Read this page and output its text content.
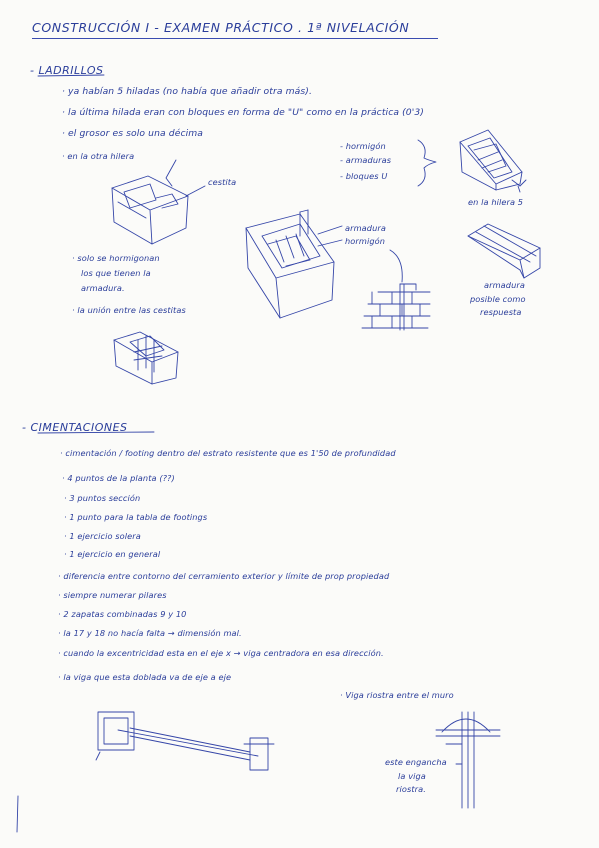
CONSTRUCCIÓN I - EXAMEN PRÁCTICO . 1ª NIVELACIÓN
- LADRILLOS
· ya habían 5 hiladas (no había que añadir otra más).
· la última hilada eran con bloques en forma de "U" como en la práctica (0'3)
· el grosor es solo una décima
· en la otra hilera
cestita
- hormigón
- armaduras
- bloques U
en la hilera 5
armadura
hormigón
· solo se hormigonan
los que tienen la
armadura.
· la unión entre las cestitas
armadura
posible como
respuesta
- CIMENTACIONES
· cimentación / footing dentro del estrato resistente que es 1'50 de profundidad
· 4 puntos de la planta (??)
· 3 puntos sección
· 1 punto para la tabla de footings
· 1 ejercicio solera
· 1 ejercicio en general
· diferencia entre contorno del cerramiento exterior y límite de prop propiedad
· siempre numerar pilares
· 2 zapatas combinadas 9 y 10
· la 17 y 18 no hacía falta → dimensión mal.
· cuando la excentricidad esta en el eje x → viga centradora en esa dirección.
· la viga que esta doblada va de eje a eje
· Viga riostra entre el muro
este engancha
la viga
riostra.
